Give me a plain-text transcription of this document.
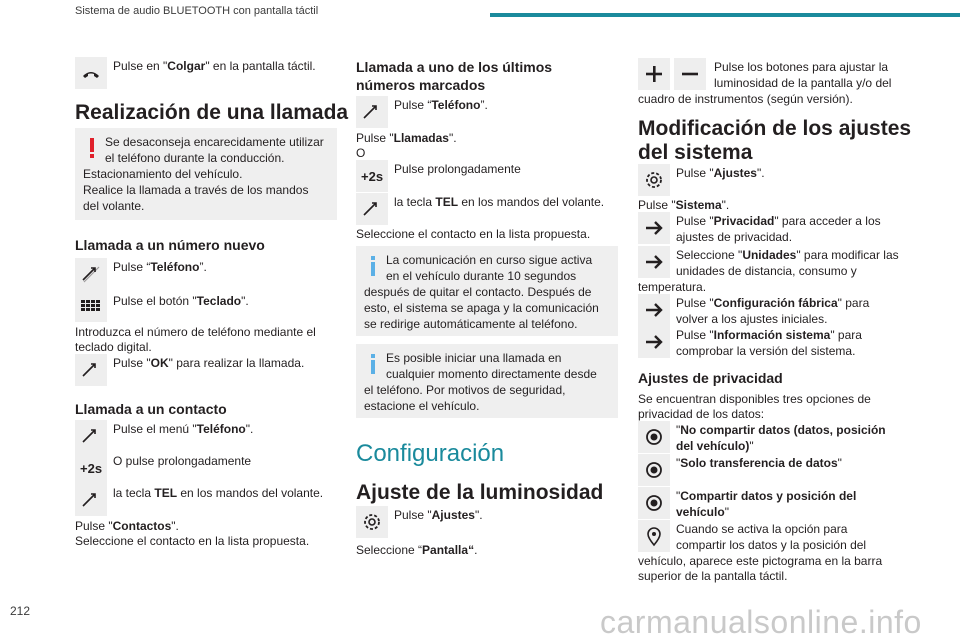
Sistema de audio BLUETOOTH con pantalla táctil
212	carmanualsonline.info
Pulse en "Colgar" en la pantalla táctil.
Realización de una llamada
Se desaconseja encarecidamente utilizar
el teléfono durante la conducción.
Estacionamiento del vehículo.
Realice la llamada a través de los mandos
del volante.
Llamada a un número nuevo
Pulse “Teléfono”.
Pulse el botón "Teclado".
Introduzca el número de teléfono mediante el
teclado digital.
Pulse "OK" para realizar la llamada.
Llamada a un contacto
Pulse el menú "Teléfono".
+2s O pulse prolongadamente
la tecla TEL en los mandos del volante.
Pulse "Contactos".
Seleccione el contacto en la lista propuesta.
Llamada a uno de los últimos
números marcados
Pulse “Teléfono”.
Pulse "Llamadas".
O
+2s Pulse prolongadamente
la tecla TEL en los mandos del volante.
Seleccione el contacto en la lista propuesta.
La comunicación en curso sigue activa
en el vehículo durante 10 segundos
después de quitar el contacto. Después de
esto, el sistema se apaga y la comunicación
se redirige automáticamente al teléfono.
Es posible iniciar una llamada en
cualquier momento directamente desde
el teléfono. Por motivos de seguridad,
estacione el vehículo.
Configuración
Ajuste de la luminosidad
Pulse "Ajustes".
Seleccione “Pantalla“.
Pulse los botones para ajustar la
luminosidad de la pantalla y/o del
cuadro de instrumentos (según versión).
Modificación de los ajustes
del sistema
Pulse "Ajustes".
Pulse "Sistema".
Pulse "Privacidad" para acceder a los
ajustes de privacidad.
Seleccione "Unidades" para modificar las
unidades de distancia, consumo y
temperatura.
Pulse "Configuración fábrica" para
volver a los ajustes iniciales.
Pulse "Información sistema" para
comprobar la versión del sistema.
Ajustes de privacidad
Se encuentran disponibles tres opciones de
privacidad de los datos:
"No compartir datos (datos, posición
del vehículo)"
"Solo transferencia de datos"
"Compartir datos y posición del
vehículo"
Cuando se activa la opción para
compartir los datos y la posición del
vehículo, aparece este pictograma en la barra
superior de la pantalla táctil.
